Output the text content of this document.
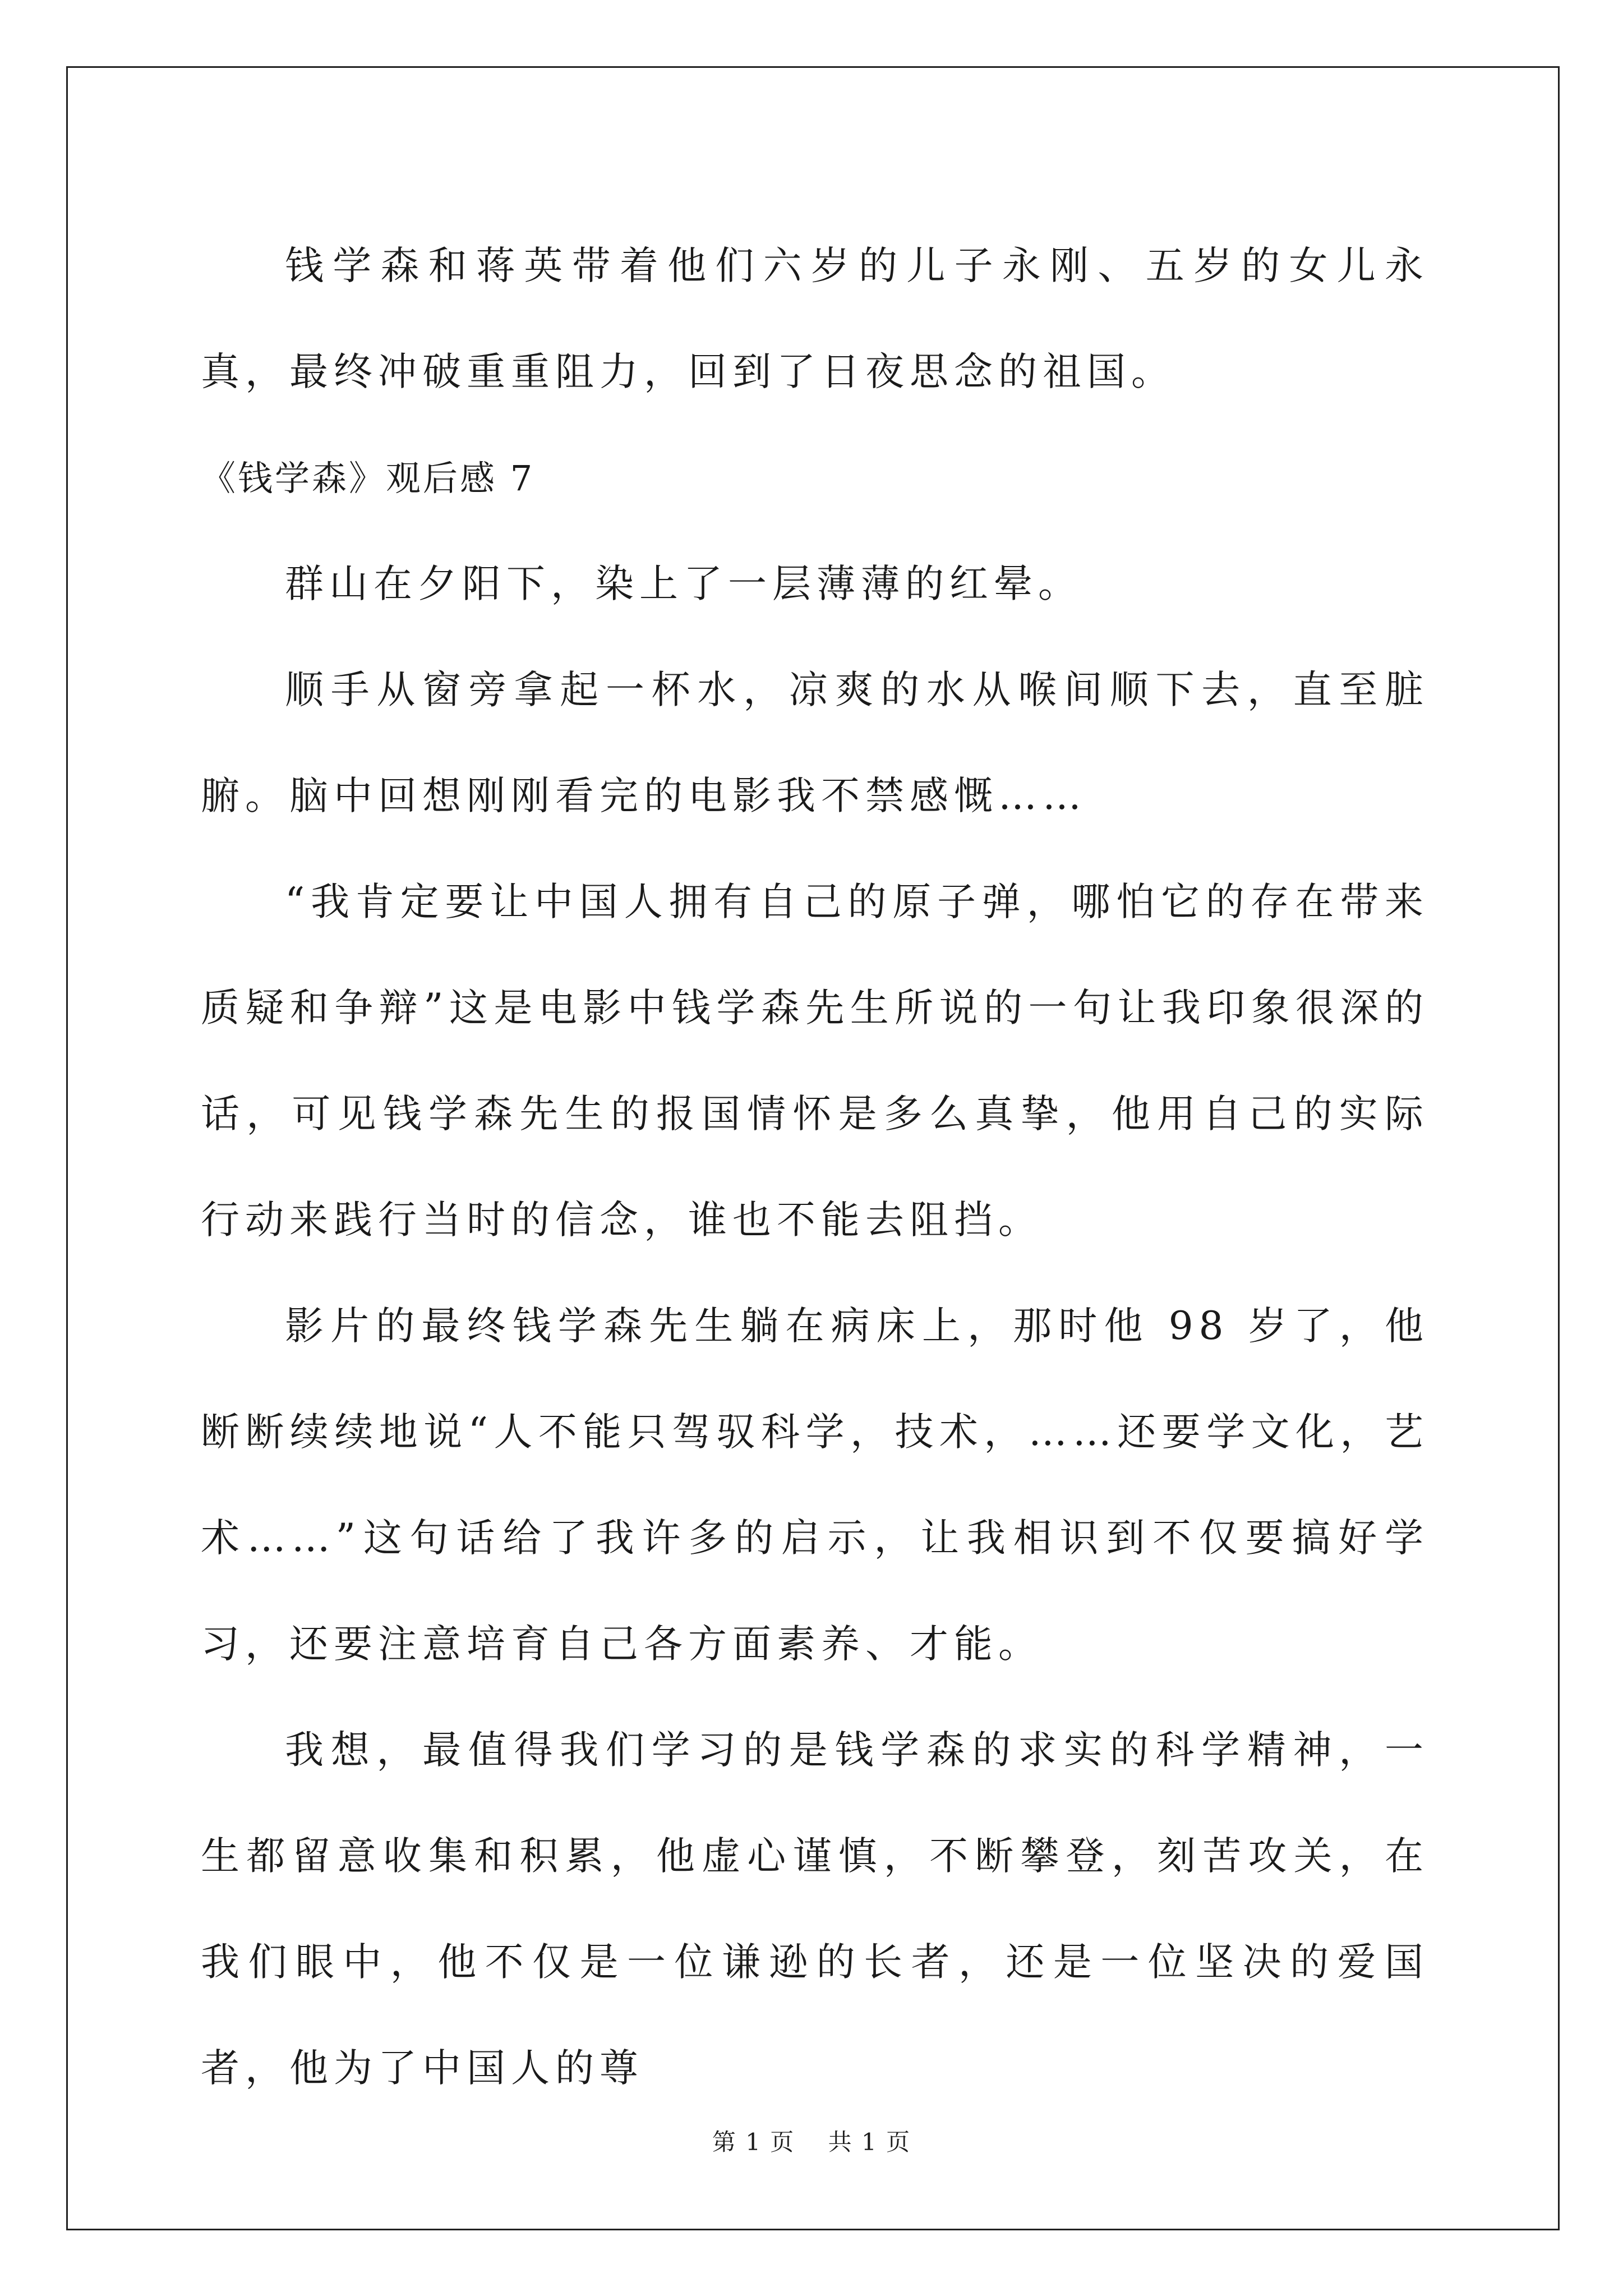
钱学森和蒋英带着他们六岁的儿子永刚、五岁的女儿永真，最终冲破重重阻力，回到了日夜思念的祖国。

《钱学森》观后感 7

群山在夕阳下，染上了一层薄薄的红晕。

顺手从窗旁拿起一杯水，凉爽的水从喉间顺下去，直至脏腑。脑中回想刚刚看完的电影我不禁感慨……

“我肯定要让中国人拥有自己的原子弹，哪怕它的存在带来质疑和争辩”这是电影中钱学森先生所说的一句让我印象很深的话，可见钱学森先生的报国情怀是多么真挚，他用自己的实际行动来践行当时的信念，谁也不能去阻挡。

影片的最终钱学森先生躺在病床上，那时他 98 岁了，他断断续续地说“人不能只驾驭科学，技术，……还要学文化，艺术……”这句话给了我许多的启示，让我相识到不仅要搞好学习，还要注意培育自己各方面素养、才能。

我想，最值得我们学习的是钱学森的求实的科学精神，一生都留意收集和积累，他虚心谨慎，不断攀登，刻苦攻关，在我们眼中，他不仅是一位谦逊的长者，还是一位坚决的爱国者，他为了中国人的尊

第 1 页 共 1 页
